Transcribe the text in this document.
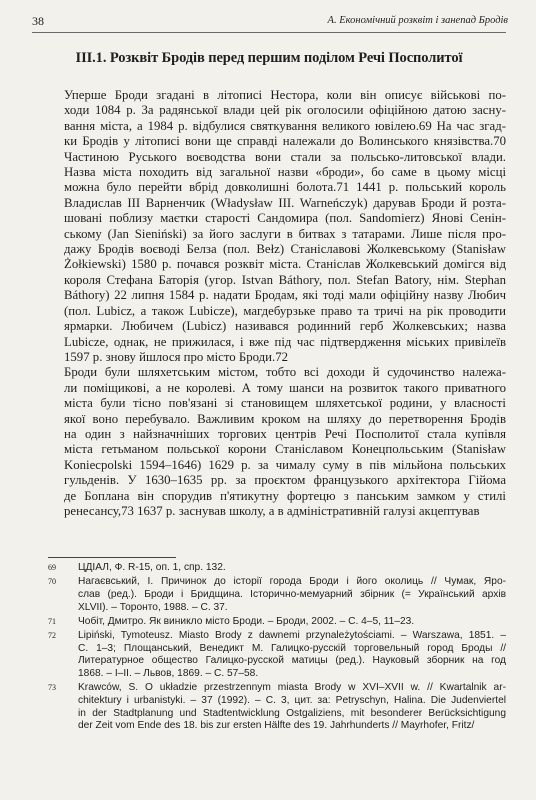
38	А. Економічний розквіт і занепад Бродів
ІІІ.1. Розквіт Бродів перед першим поділом Речі Посполитої

Уперше Броди згадані в літописі Нестора, коли він описує військові по-
ходи 1084 р. За радянської влади цей рік оголосили офіційною датою засну-
вання міста, а 1984 р. відбулися святкування великого ювілею.69 На час згад-
ки Бродів у літописі вони ще справді належали до Волинського князівства.70
Частиною Руського воєводства вони стали за польсько-литовської влади.
Назва міста походить від загальної назви «броди», бо саме в цьому місці
можна було перейти вбрід довколишні болота.71 1441 р. польський король
Владислав ІІІ Варненчик (Władysław III. Warneńczyk) дарував Броди й розта-
шовані поблизу маєтки старості Сандомира (пол. Sandomierz) Янові Сенін-
ському (Jan Sieniński) за його заслуги в битвах з татарами. Лише після про-
дажу Бродів воєводі Белза (пол. Bełz) Станіславові Жолкевському (Stanisław
Żołkiewski) 1580 р. почався розквіт міста. Станіслав Жолкевський домігся від
короля Стефана Баторія (угор. Istvan Báthory, пол. Stefan Batory, нім. Stephan
Báthory) 22 липня 1584 р. надати Бродам, які тоді мали офіційну назву Любич
(пол. Lubicz, а також Lubicze), магдебурзьке право та тричі на рік проводити
ярмарки. Любичем (Lubicz) називався родинний герб Жолкевських; назва
Lubicze, однак, не прижилася, і вже під час підтвердження міських привілеїв
1597 р. знову йшлося про місто Броди.72

Броди були шляхетським містом, тобто всі доходи й судочинство належа-
ли поміщикові, а не королеві. А тому шанси на розвиток такого приватного
міста були тісно пов'язані зі становищем шляхетської родини, у власності
якої воно перебувало. Важливим кроком на шляху до перетворення Бродів
на один з найзначніших торгових центрів Речі Посполитої стала купівля
міста гетьманом польської корони Станіславом Конецпольським (Stanisław
Koniecpolski 1594–1646) 1629 р. за чималу суму в пів мільйона польських
гульденів. У 1630–1635 рр. за проєктом французького архітектора Гійома
де Боплана він спорудив п'ятикутну фортецю з панським замком у стилі
ренесансу,73 1637 р. заснував школу, а в адміністративній галузі акцептував

69 ЦДІАЛ, Ф. R-15, оп. 1, спр. 132.
70 Нагаєвський, І. Причинок до історії города Броди і його околиць // Чумак, Яро-
слав (ред.). Броди і Бридщина. Історично-мемуарний збірник (= Український архів
XLVII). – Торонто, 1988. – С. 37.
71 Чобіт, Дмитро. Як виникло місто Броди. – Броди, 2002. – С. 4–5, 11–23.
72 Lipiński, Tymoteusz. Miasto Brody z dawnemi przynależytościami. – Warszawa, 1851. –
С. 1–3; Площанський, Венедикт М. Галицко-русскій торговельный город Броды //
Литературное общество Галицко-русской матицы (ред.). Науковый зборник на год
1868. – I–II. – Львов, 1869. – С. 57–58.
73 Krawców, S. O układzie przestrzennym miasta Brody w XVI–XVII w. // Kwartalnik ar-
chitektury i urbanistyki. – 37 (1992). – С. 3, цит. за: Petryschyn, Halina. Die Judenviertel
in der Stadtplanung und Stadtentwicklung Ostgaliziens, mit besonderer Berücksichtigung
der Zeit vom Ende des 18. bis zur ersten Hälfte des 19. Jahrhunderts // Mayrhofer, Fritz/
